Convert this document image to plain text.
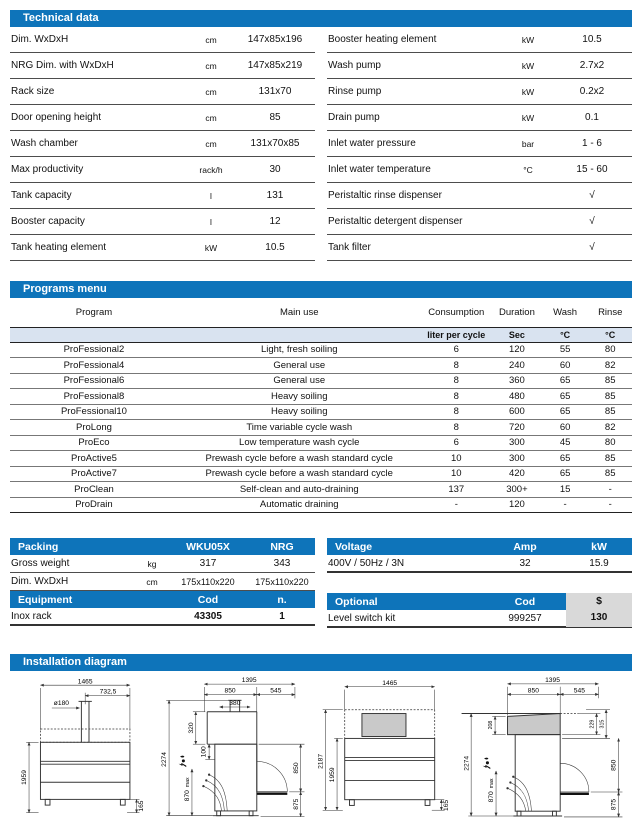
Technical data
Dim. WxDxH	cm	147x85x196
NRG Dim. with WxDxH	cm	147x85x219
Rack size	cm	131x70
Door opening height	cm	85
Wash chamber	cm	131x70x85
Max productivity	rack/h	30
Tank capacity	l	131
Booster capacity	l	12
Tank heating element	kW	10.5
Booster heating element	kW	10.5
Wash pump	kW	2.7x2
Rinse pump	kW	0.2x2
Drain pump	kW	0.1
Inlet water pressure	bar	1 - 6
Inlet water temperature	°C	15 - 60
Peristaltic rinse dispenser	√
Peristaltic detergent dispenser	√
Tank filter	√
Programs menu
Program	Main use	Consumption	Duration	Wash	Rinse
		liter per cycle	Sec	°C	°C
ProFessional2	Light, fresh soiling	6	120	55	80
ProFessional4	General use	8	240	60	82
ProFessional6	General use	8	360	65	85
ProFessional8	Heavy soiling	8	480	65	85
ProFessional10	Heavy soiling	8	600	65	85
ProLong	Time variable cycle wash	8	720	60	82
ProEco	Low temperature wash cycle	6	300	45	80
ProActive5	Prewash cycle before a wash standard cycle	10	300	65	85
ProActive7	Prewash cycle before a wash standard cycle	10	420	65	85
ProClean	Self-clean and auto-draining	137	300+	15	-
ProDrain	Automatic draining	-	120	-	-
Packing	WKU05X	NRG
Gross weight	kg	317	343
Dim. WxDxH	cm	175x110x220	175x110x220
Equipment	Cod	n.
Inox rack	43305	1
Voltage	Amp	kW
400V / 50Hz / 3N	32	15.9
Optional	Cod	$
Level switch kit	999257	130
Installation diagram
1465
732,5
ø180
1959
165
1395
850	545
380
320
100
2274
max
870
850
875
1465
2187
1959
165
1395
850	545
208	229 315
2274
max
870
850
875
